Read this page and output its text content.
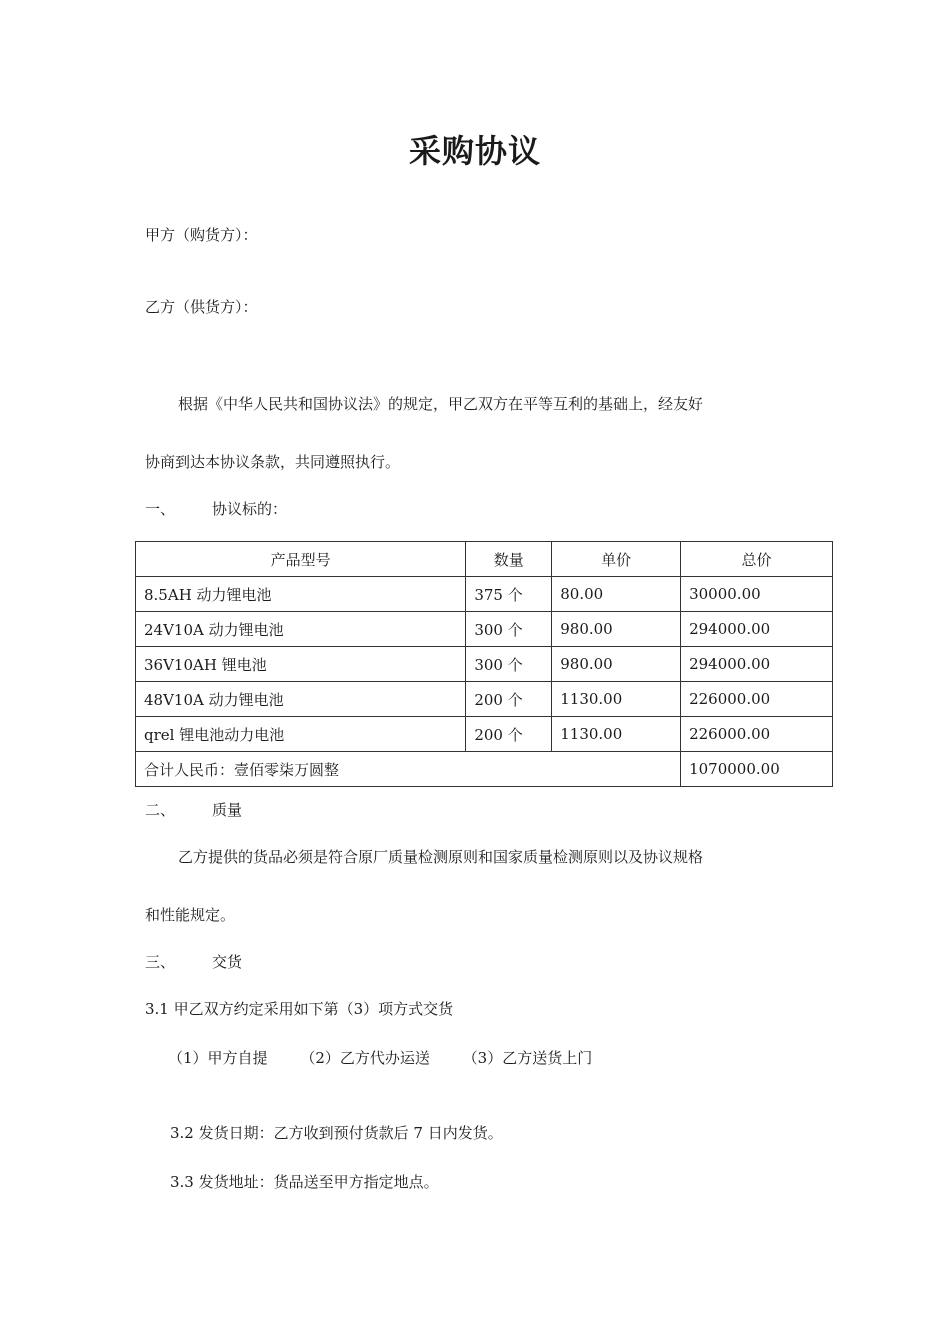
采购协议
甲方（购货方）：
乙方（供货方）：
根据《中华人民共和国协议法》的规定，甲乙双方在平等互利的基础上，经友好
协商到达本协议条款，共同遵照执行。
一、 协议标的：
产品型号	数量	单价	总价
8.5AH 动力锂电池	375 个	80.00	30000.00
24V10A 动力锂电池	300 个	980.00	294000.00
36V10AH 锂电池	300 个	980.00	294000.00
48V10A 动力锂电池	200 个	1130.00	226000.00
qrel 锂电池动力电池	200 个	1130.00	226000.00
合计人民币：壹佰零柒万圆整			1070000.00
二、 质量
乙方提供的货品必须是符合原厂质量检测原则和国家质量检测原则以及协议规格
和性能规定。
三、 交货
3.1 甲乙双方约定采用如下第（3）项方式交货
（1）甲方自提 （2）乙方代办运送 （3）乙方送货上门
3.2 发货日期：乙方收到预付货款后 7 日内发货。
3.3 发货地址：货品送至甲方指定地点。
